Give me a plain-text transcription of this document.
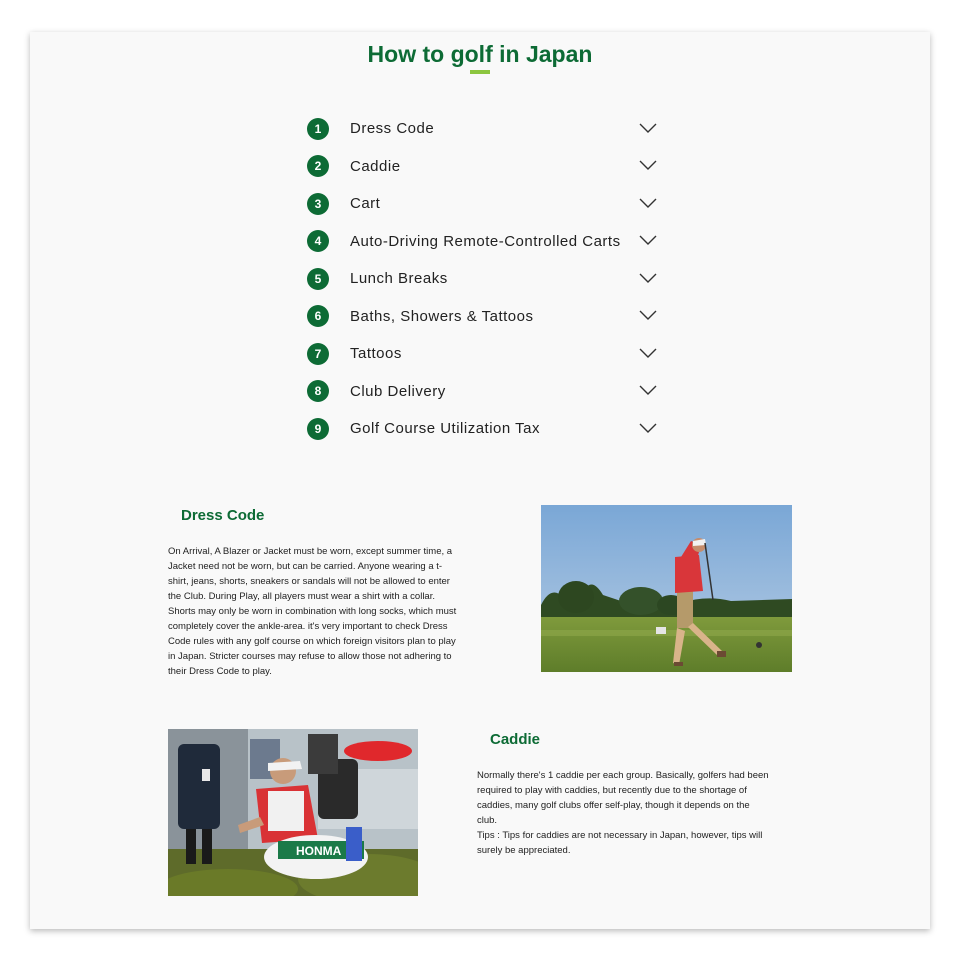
How to golf in Japan
1	Dress Code
2	Caddie
3	Cart
4	Auto-Driving Remote-Controlled Carts
5	Lunch Breaks
6	Baths, Showers & Tattoos
7	Tattoos
8	Club Delivery
9	Golf Course Utilization Tax
Dress Code
On Arrival, A Blazer or Jacket must be worn, except summer time, a
Jacket need not be worn, but can be carried. Anyone wearing a t-
shirt, jeans, shorts, sneakers or sandals will not be allowed to enter
the Club. During Play, all players must wear a shirt with a collar.
Shorts may only be worn in combination with long socks, which must
completely cover the ankle-area. it's very important to check Dress
Code rules with any golf course on which foreign visitors plan to play
in Japan. Stricter courses may refuse to allow those not adhering to
their Dress Code to play.
HONMA
Caddie
Normally there's 1 caddie per each group. Basically, golfers had been
required to play with caddies, but recently due to the shortage of
caddies, many golf clubs offer self-play, though it depends on the
club.
Tips : Tips for caddies are not necessary in Japan, however, tips will
surely be appreciated.
